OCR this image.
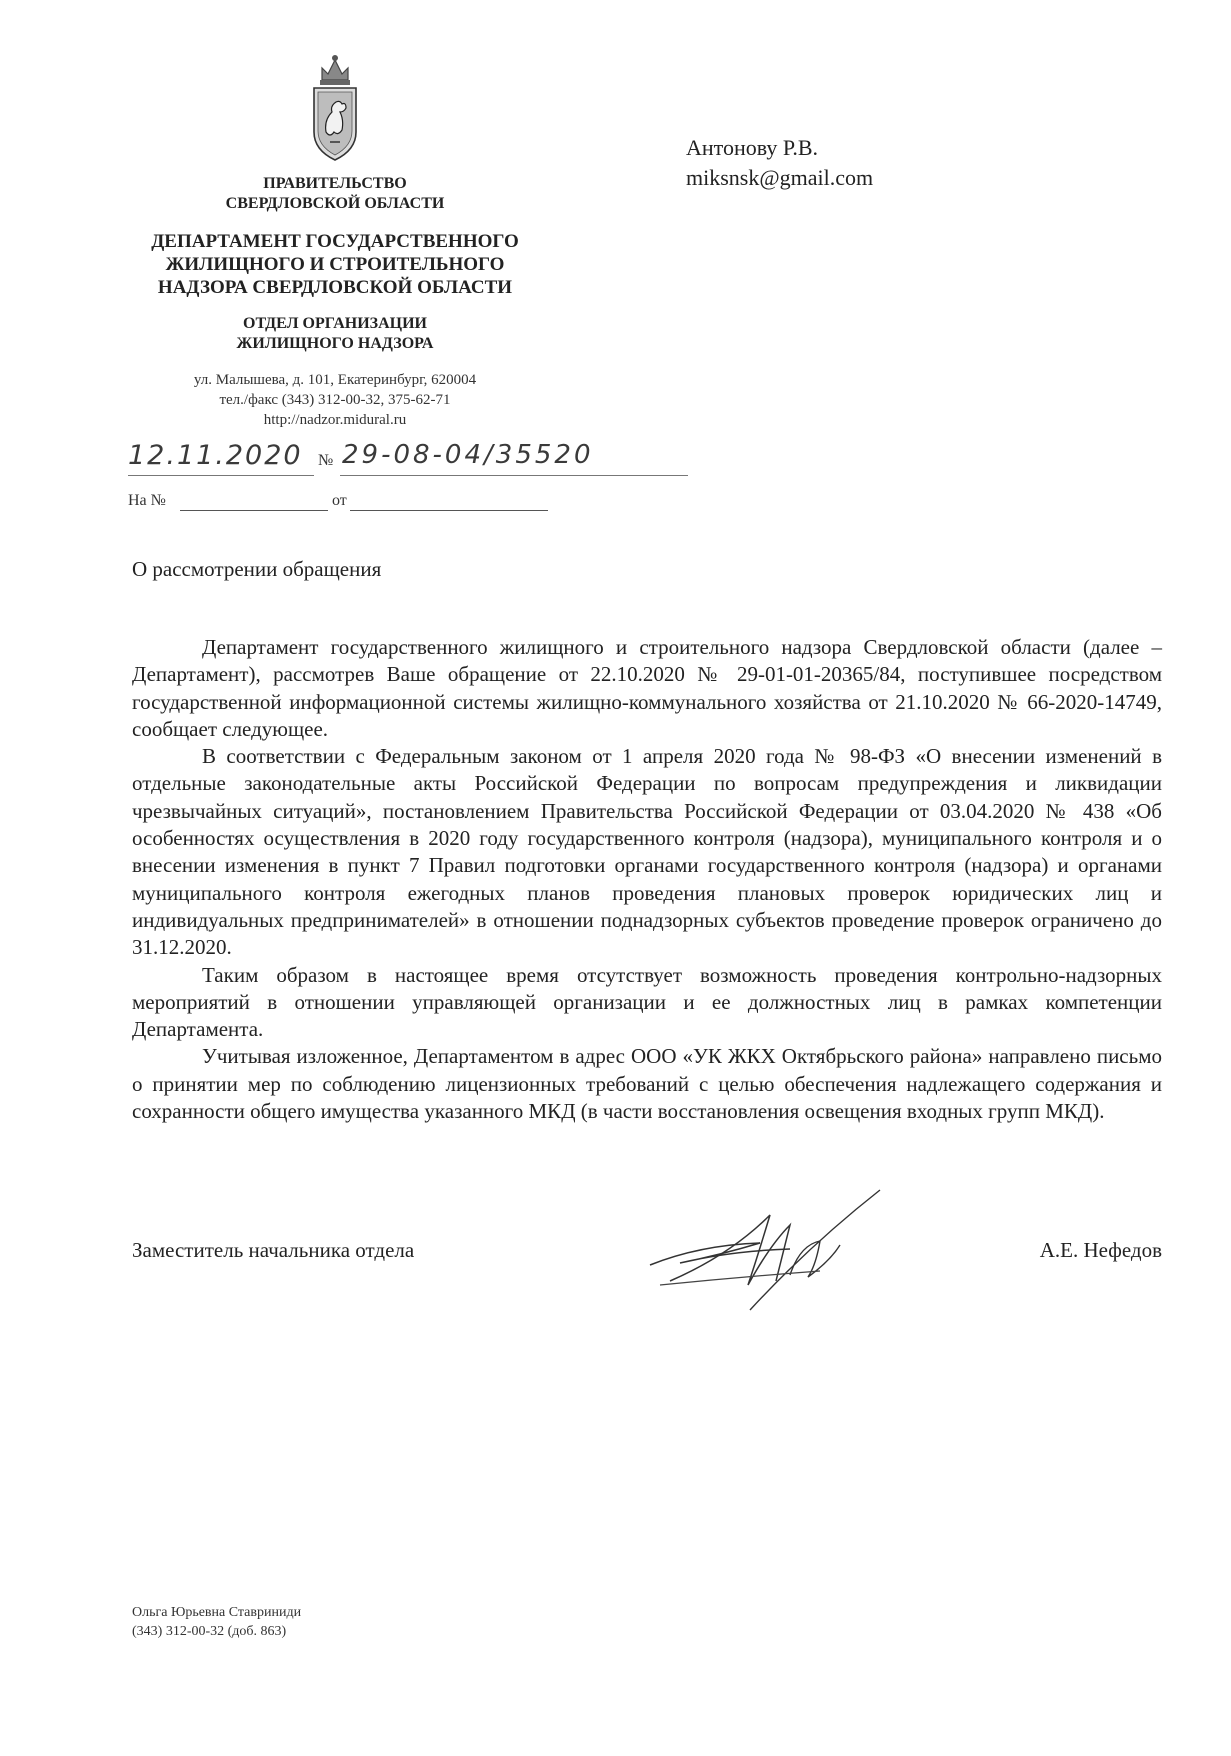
ПРАВИТЕЛЬСТВО
СВЕРДЛОВСКОЙ ОБЛАСТИ
ДЕПАРТАМЕНТ ГОСУДАРСТВЕННОГО
ЖИЛИЩНОГО И СТРОИТЕЛЬНОГО
НАДЗОРА СВЕРДЛОВСКОЙ ОБЛАСТИ
ОТДЕЛ ОРГАНИЗАЦИИ
ЖИЛИЩНОГО НАДЗОРА
ул. Малышева, д. 101, Екатеринбург, 620004
тел./факс (343) 312-00-32, 375-62-71
http://nadzor.midural.ru
12.11.2020 № 29-08-04/35520
На №	от
Антонову Р.В.
miksnsk@gmail.com
О рассмотрении обращения

Департамент государственного жилищного и строительного надзора Свердловской области (далее – Департамент), рассмотрев Ваше обращение от 22.10.2020 № 29-01-01-20365/84, поступившее посредством государственной информационной системы жилищно-коммунального хозяйства от 21.10.2020 № 66-2020-14749, сообщает следующее.

В соответствии с Федеральным законом от 1 апреля 2020 года № 98-ФЗ «О внесении изменений в отдельные законодательные акты Российской Федерации по вопросам предупреждения и ликвидации чрезвычайных ситуаций», постановлением Правительства Российской Федерации от 03.04.2020 № 438 «Об особенностях осуществления в 2020 году государственного контроля (надзора), муниципального контроля и о внесении изменения в пункт 7 Правил подготовки органами государственного контроля (надзора) и органами муниципального контроля ежегодных планов проведения плановых проверок юридических лиц и индивидуальных предпринимателей» в отношении поднадзорных субъектов проведение проверок ограничено до 31.12.2020.

Таким образом в настоящее время отсутствует возможность проведения контрольно-надзорных мероприятий в отношении управляющей организации и ее должностных лиц в рамках компетенции Департамента.

Учитывая изложенное, Департаментом в адрес ООО «УК ЖКХ Октябрьского района» направлено письмо о принятии мер по соблюдению лицензионных требований с целью обеспечения надлежащего содержания и сохранности общего имущества указанного МКД (в части восстановления освещения входных групп МКД).

Заместитель начальника отдела	А.Е. Нефедов
Ольга Юрьевна Ставриниди
(343) 312-00-32 (доб. 863)
